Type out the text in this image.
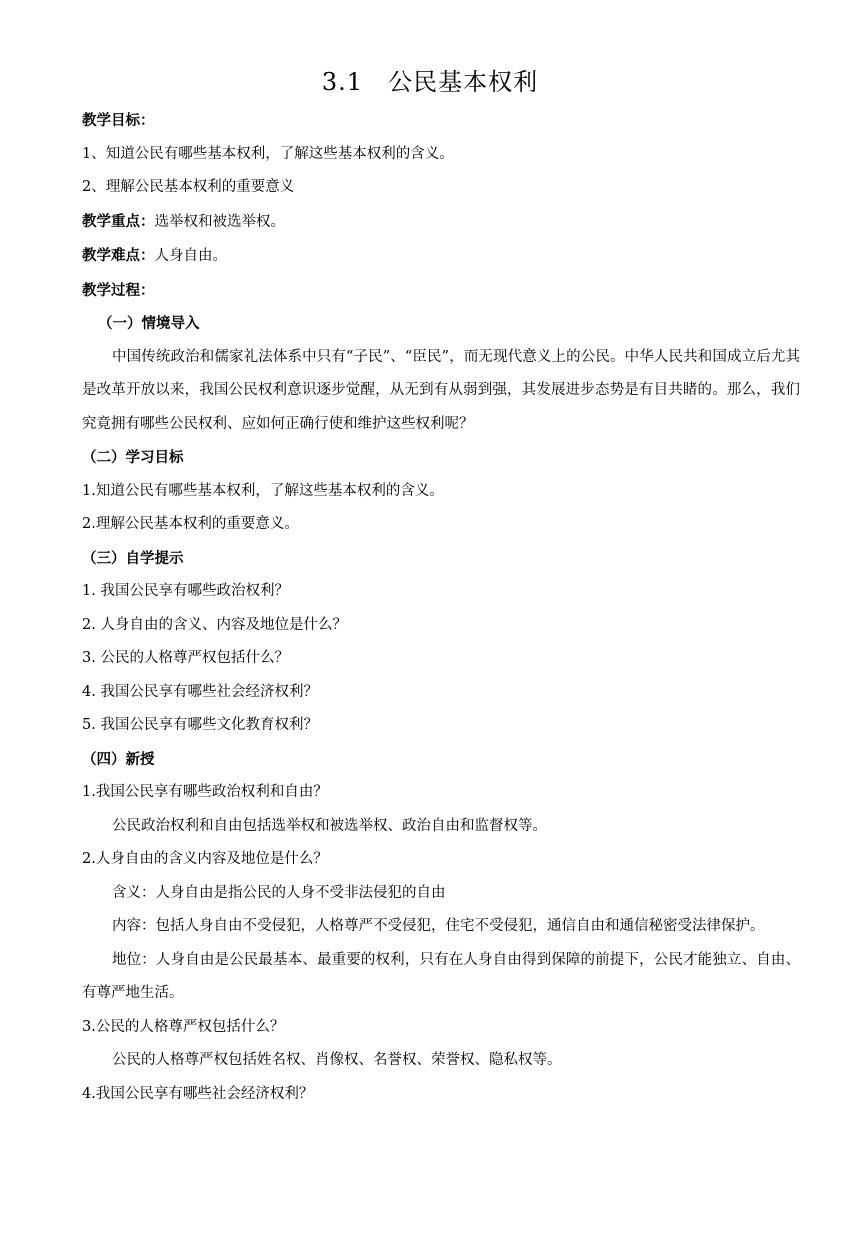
3.1　公民基本权利

教学目标：

1、知道公民有哪些基本权利，了解这些基本权利的含义。

2、理解公民基本权利的重要意义

教学重点：选举权和被选举权。

教学难点：人身自由。

教学过程：

（一）情境导入

中国传统政治和儒家礼法体系中只有“子民”、“臣民”，而无现代意义上的公民。中华人民共和国成立后尤其是改革开放以来，我国公民权利意识逐步觉醒，从无到有从弱到强，其发展进步态势是有目共睹的。那么，我们究竟拥有哪些公民权利、应如何正确行使和维护这些权利呢？

（二）学习目标

1.知道公民有哪些基本权利，了解这些基本权利的含义。

2.理解公民基本权利的重要意义。

（三）自学提示

1. 我国公民享有哪些政治权利？

2. 人身自由的含义、内容及地位是什么？

3. 公民的人格尊严权包括什么？

4. 我国公民享有哪些社会经济权利？

5. 我国公民享有哪些文化教育权利？

（四）新授

1.我国公民享有哪些政治权利和自由？

公民政治权利和自由包括选举权和被选举权、政治自由和监督权等。

2.人身自由的含义内容及地位是什么？

含义：人身自由是指公民的人身不受非法侵犯的自由

内容：包括人身自由不受侵犯，人格尊严不受侵犯，住宅不受侵犯，通信自由和通信秘密受法律保护。

地位：人身自由是公民最基本、最重要的权利，只有在人身自由得到保障的前提下，公民才能独立、自由、有尊严地生活。

3.公民的人格尊严权包括什么？

公民的人格尊严权包括姓名权、肖像权、名誉权、荣誉权、隐私权等。

4.我国公民享有哪些社会经济权利？
